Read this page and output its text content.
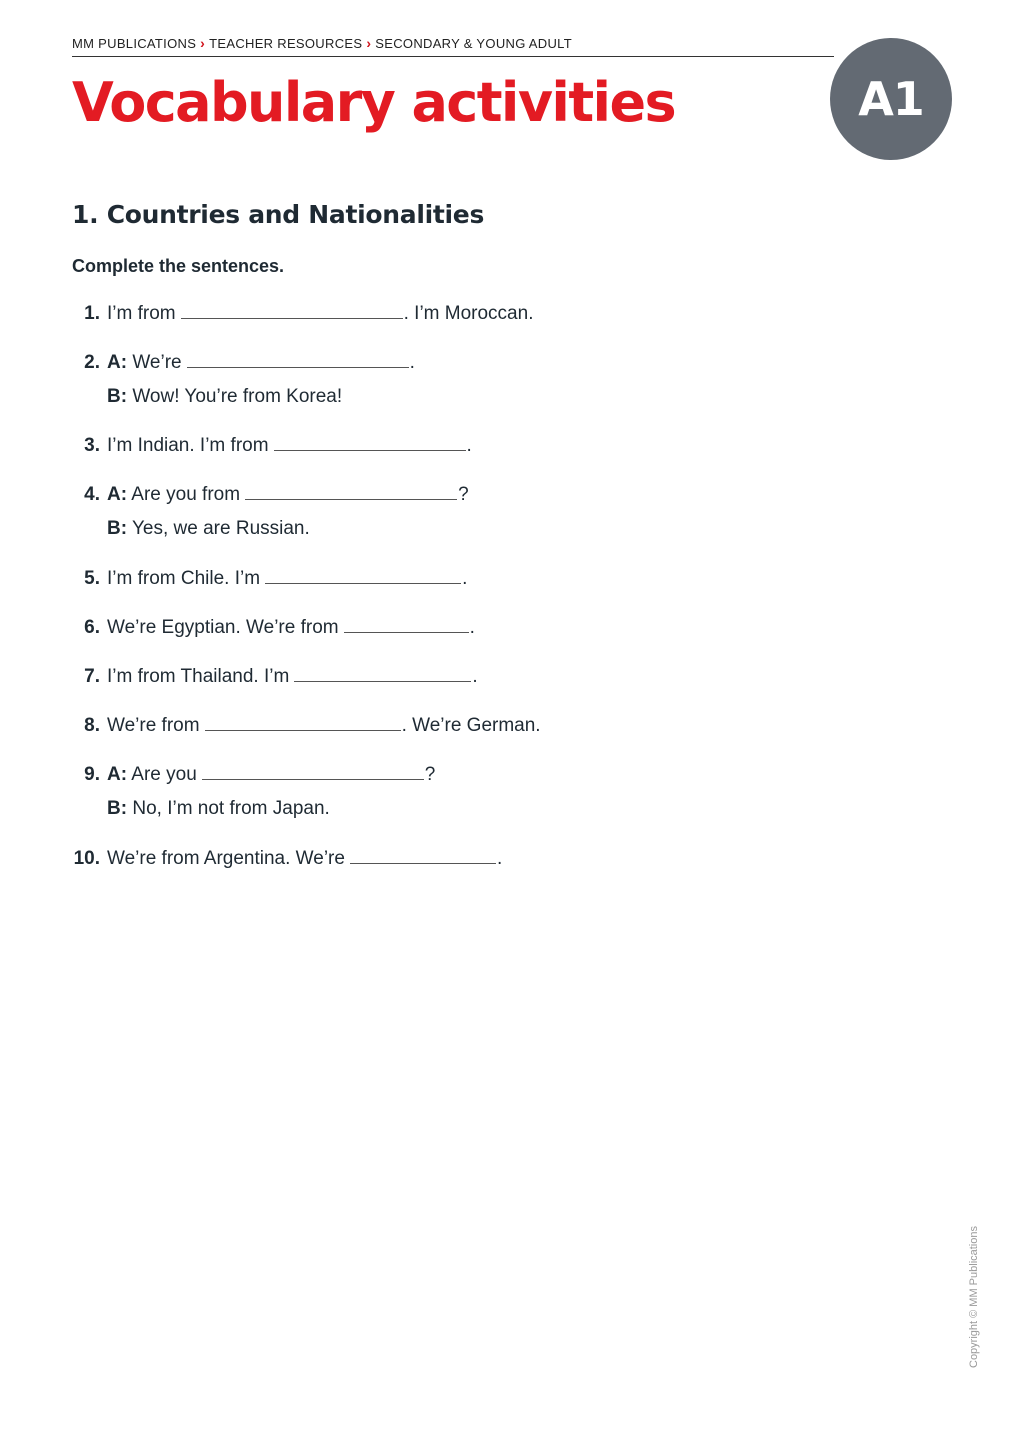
MM PUBLICATIONS › TEACHER RESOURCES › SECONDARY & YOUNG ADULT
Vocabulary activities	A1
1. Countries and Nationalities
Complete the sentences.
1. I’m from	. I’m Moroccan.
2. A: We’re	.
B: Wow! You’re from Korea!
3. I’m Indian. I’m from	.
4. A: Are you from	?
B: Yes, we are Russian.
5. I’m from Chile. I’m	.
6. We’re Egyptian. We’re from	.
7. I’m from Thailand. I’m	.
8. We’re from	. We’re German.
9. A: Are you	?
B: No, I’m not from Japan.
10. We’re from Argentina. We’re	.
Copyright © MM Publications
